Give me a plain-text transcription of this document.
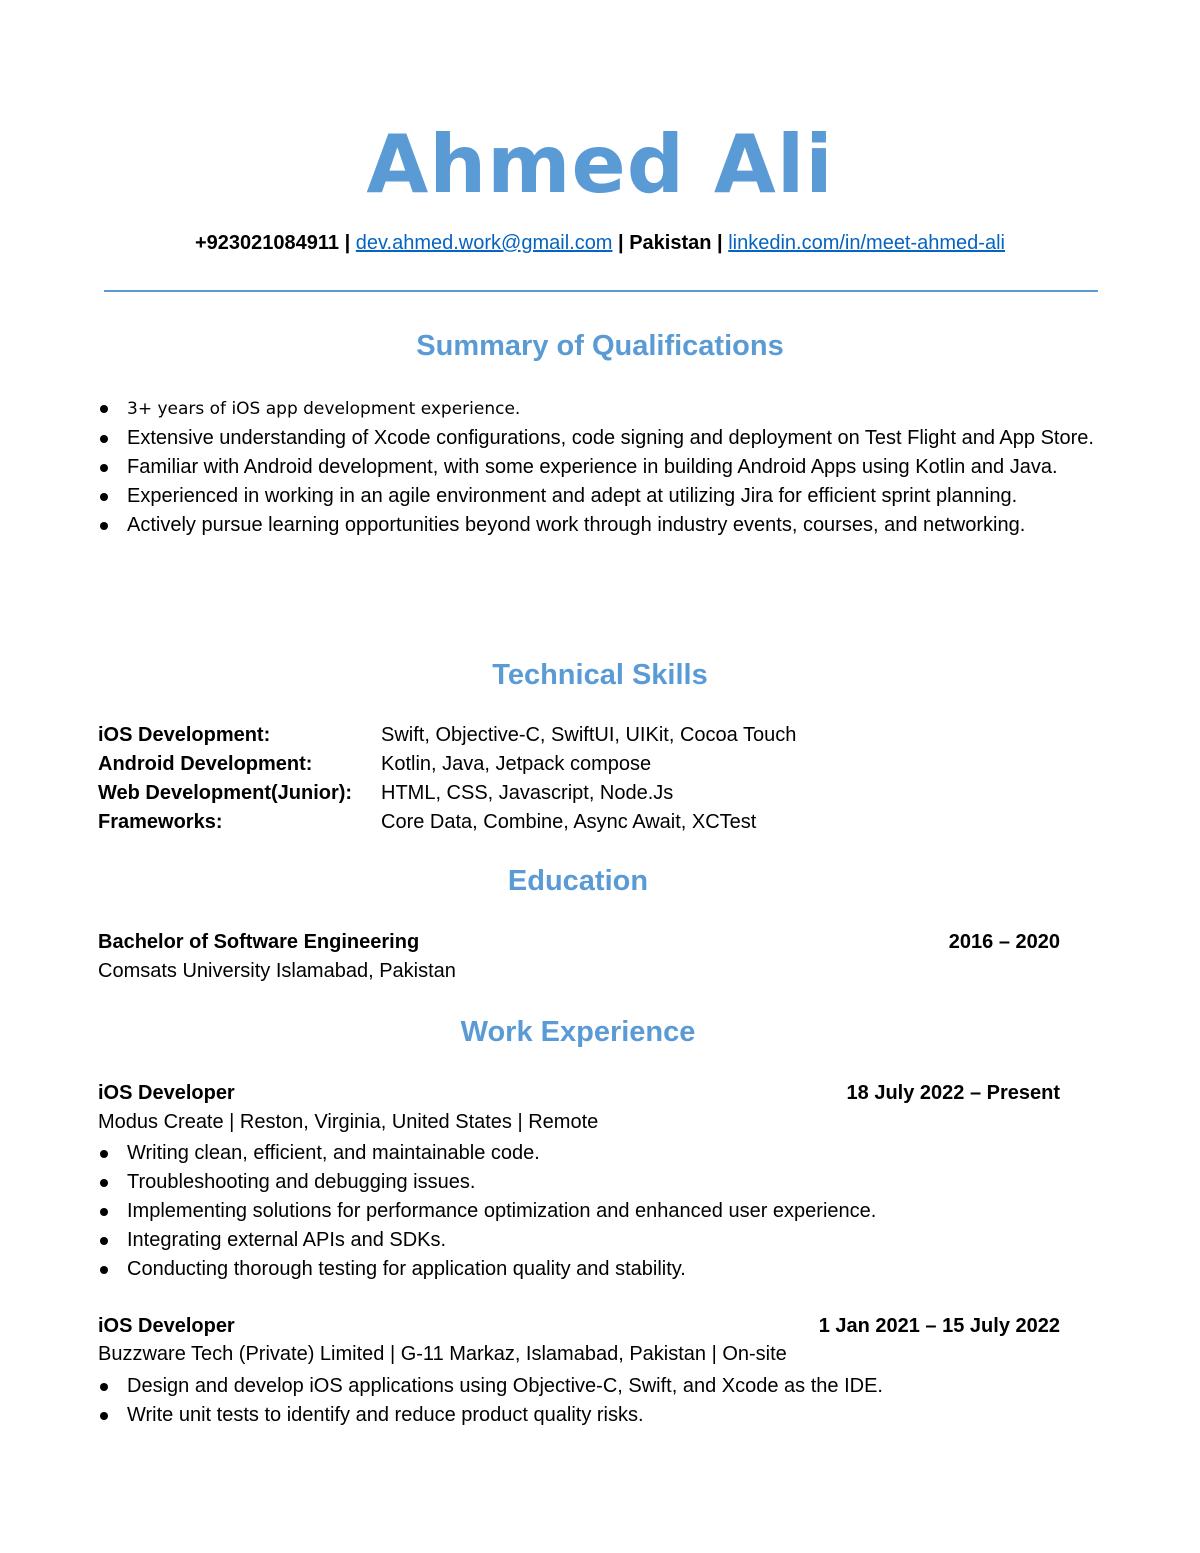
Ahmed Ali
+923021084911 | dev.ahmed.work@gmail.com | Pakistan | linkedin.com/in/meet-ahmed-ali
Summary of Qualifications
3+ years of iOS app development experience.
Extensive understanding of Xcode configurations, code signing and deployment on Test Flight and App Store.
Familiar with Android development, with some experience in building Android Apps using Kotlin and Java.
Experienced in working in an agile environment and adept at utilizing Jira for efficient sprint planning.
Actively pursue learning opportunities beyond work through industry events, courses, and networking.
Technical Skills
iOS Development:	Swift, Objective-C, SwiftUI, UIKit, Cocoa Touch
Android Development:	Kotlin, Java, Jetpack compose
Web Development(Junior): HTML, CSS, Javascript, Node.Js
Frameworks:	Core Data, Combine, Async Await, XCTest
Education
Bachelor of Software Engineering	2016 – 2020
Comsats University Islamabad, Pakistan
Work Experience
iOS Developer	18 July 2022 – Present
Modus Create | Reston, Virginia, United States | Remote
Writing clean, efficient, and maintainable code.
Troubleshooting and debugging issues.
Implementing solutions for performance optimization and enhanced user experience.
Integrating external APIs and SDKs.
Conducting thorough testing for application quality and stability.
iOS Developer	1 Jan 2021 – 15 July 2022
Buzzware Tech (Private) Limited | G-11 Markaz, Islamabad, Pakistan | On-site
Design and develop iOS applications using Objective-C, Swift, and Xcode as the IDE.
Write unit tests to identify and reduce product quality risks.
